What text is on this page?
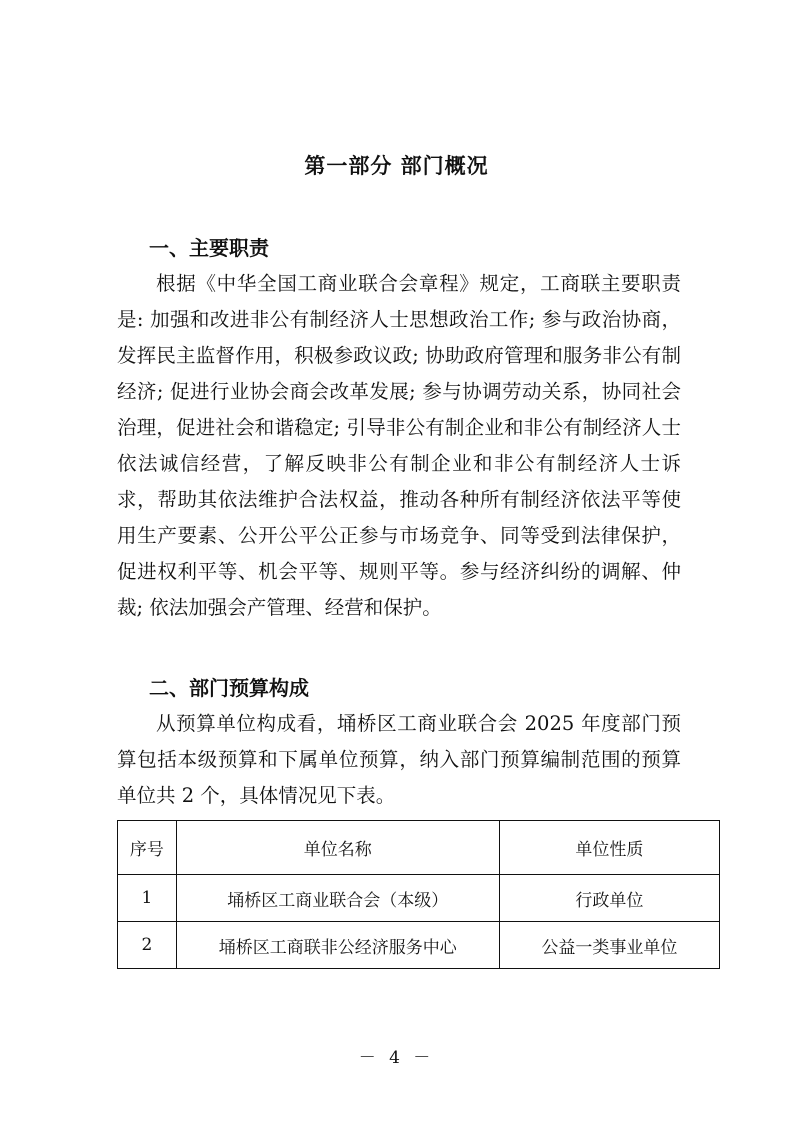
第一部分 部门概况
一、主要职责
根据《中华全国工商业联合会章程》规定，工商联主要职责是: 加强和改进非公有制经济人士思想政治工作; 参与政治协商，发挥民主监督作用，积极参政议政; 协助政府管理和服务非公有制经济; 促进行业协会商会改革发展; 参与协调劳动关系，协同社会治理，促进社会和谐稳定; 引导非公有制企业和非公有制经济人士依法诚信经营，了解反映非公有制企业和非公有制经济人士诉求，帮助其依法维护合法权益，推动各种所有制经济依法平等使用生产要素、公开公平公正参与市场竞争、同等受到法律保护，促进权利平等、机会平等、规则平等。参与经济纠纷的调解、仲裁; 依法加强会产管理、经营和保护。
二、部门预算构成
从预算单位构成看，埇桥区工商业联合会 2025 年度部门预算包括本级预算和下属单位预算，纳入部门预算编制范围的预算单位共 2 个，具体情况见下表。
序号	单位名称	单位性质
1	埇桥区工商业联合会（本级）	行政单位
2	埇桥区工商联非公经济服务中心	公益一类事业单位
－ 4 －
